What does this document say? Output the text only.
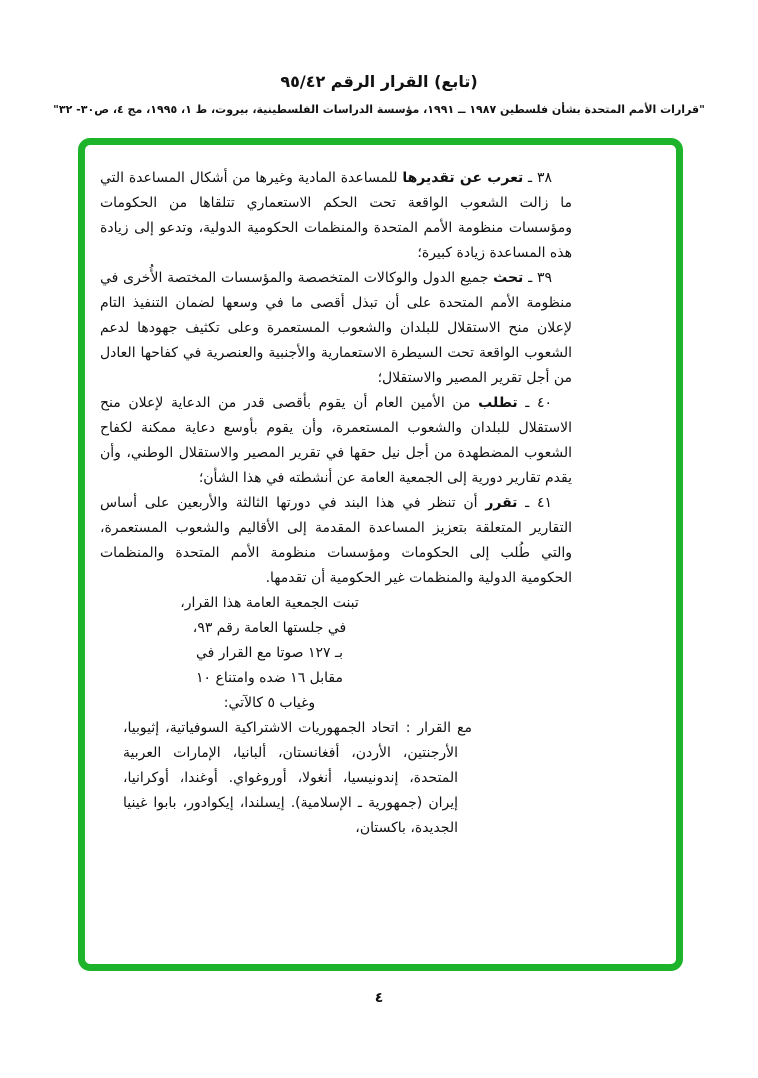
(تابع) القرار الرقم ٩٥/٤٢
"قرارات الأمم المتحدة بشأن فلسطين ١٩٨٧ ــ ١٩٩١، مؤسسة الدراسات الفلسطينية، بيروت، ط ١، ١٩٩٥، مج ٤، ص٣٠- ٣٢"

٣٨ ـ تعرب عن تقديرها للمساعدة المادية وغيرها من أشكال المساعدة التي ما زالت الشعوب الواقعة تحت الحكم الاستعماري تتلقاها من الحكومات ومؤسسات منظومة الأمم المتحدة والمنظمات الحكومية الدولية، وتدعو إلى زيادة هذه المساعدة زيادة كبيرة؛

٣٩ ـ تحث جميع الدول والوكالات المتخصصة والمؤسسات المختصة الأُخرى في منظومة الأمم المتحدة على أن تبذل أقصى ما في وسعها لضمان التنفيذ التام لإعلان منح الاستقلال للبلدان والشعوب المستعمرة وعلى تكثيف جهودها لدعم الشعوب الواقعة تحت السيطرة الاستعمارية والأجنبية والعنصرية في كفاحها العادل من أجل تقرير المصير والاستقلال؛

٤٠ ـ تطلب من الأمين العام أن يقوم بأقصى قدر من الدعاية لإعلان منح الاستقلال للبلدان والشعوب المستعمرة، وأن يقوم بأوسع دعاية ممكنة لكفاح الشعوب المضطهدة من أجل نيل حقها في تقرير المصير والاستقلال الوطني، وأن يقدم تقارير دورية إلى الجمعية العامة عن أنشطته في هذا الشأن؛

٤١ ـ تقرر أن تنظر في هذا البند في دورتها الثالثة والأربعين على أساس التقارير المتعلقة بتعزيز المساعدة المقدمة إلى الأقاليم والشعوب المستعمرة، والتي طُلب إلى الحكومات ومؤسسات منظومة الأمم المتحدة والمنظمات الحكومية الدولية والمنظمات غير الحكومية أن تقدمها.

تبنت الجمعية العامة هذا القرار،
في جلستها العامة رقم ٩٣،
بـ ١٢٧ صوتا مع القرار في
مقابل ١٦ ضده وامتناع ١٠
وغياب ٥ كالآتي:
مع القرار:اتحاد الجمهوريات الاشتراكية السوفياتية، إثيوبيا، الأرجنتين، الأردن، أفغانستان، ألبانيا، الإمارات العربية المتحدة، إندونيسيا، أنغولا، أوروغواي. أوغندا، أوكرانيا، إيران (جمهورية ـ الإسلامية). إيسلندا، إيكوادور، بابوا غينيا الجديدة، باكستان،
٤
